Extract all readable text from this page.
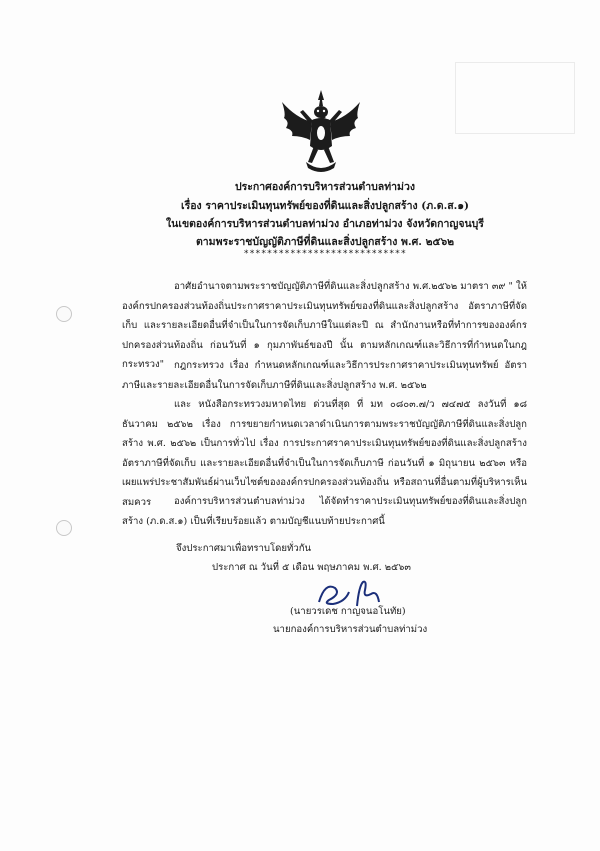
ประกาศองค์การบริหารส่วนตำบลท่าม่วง
เรื่อง ราคาประเมินทุนทรัพย์ของที่ดินและสิ่งปลูกสร้าง (ภ.ด.ส.๑)
ในเขตองค์การบริหารส่วนตำบลท่าม่วง อำเภอท่าม่วง จังหวัดกาญจนบุรี
ตามพระราชบัญญัติภาษีที่ดินและสิ่งปลูกสร้าง พ.ศ. ๒๕๖๒
****************************
อาศัยอำนาจตามพระราชบัญญัติภาษีที่ดินและสิ่งปลูกสร้าง พ.ศ.๒๕๖๒ มาตรา ๓๙ " ให้องค์กรปกครองส่วนท้องถิ่นประกาศราคาประเมินทุนทรัพย์ของที่ดินและสิ่งปลูกสร้าง อัตราภาษีที่จัดเก็บ และรายละเอียดอื่นที่จำเป็นในการจัดเก็บภาษีในแต่ละปี ณ สำนักงานหรือที่ทำการขององค์กรปกครองส่วนท้องถิ่น ก่อนวันที่ ๑ กุมภาพันธ์ของปี นั้น ตามหลักเกณฑ์และวิธีการที่กำหนดในกฎกระทรวง"	กฎกระทรวง เรื่อง กำหนดหลักเกณฑ์และวิธีการประกาศราคาประเมินทุนทรัพย์ อัตราภาษีและรายละเอียดอื่นในการจัดเก็บภาษีที่ดินและสิ่งปลูกสร้าง พ.ศ. ๒๕๖๒
และ หนังสือกระทรวงมหาดไทย ด่วนที่สุด ที่ มท ๐๘๐๓.๗/ว ๗๔๗๕ ลงวันที่ ๑๘ ธันวาคม ๒๕๖๒ เรื่อง การขยายกำหนดเวลาดำเนินการตามพระราชบัญญัติภาษีที่ดินและสิ่งปลูกสร้าง พ.ศ. ๒๕๖๒ เป็นการทั่วไป เรื่อง การประกาศราคาประเมินทุนทรัพย์ของที่ดินและสิ่งปลูกสร้าง อัตราภาษีที่จัดเก็บ และรายละเอียดอื่นที่จำเป็นในการจัดเก็บภาษี ก่อนวันที่ ๑ มิถุนายน ๒๕๖๓ หรือเผยแพร่ประชาสัมพันธ์ผ่านเว็บไซต์ขององค์กรปกครองส่วนท้องถิ่น หรือสถานที่อื่นตามที่ผู้บริหารเห็นสมควร	องค์การบริหารส่วนตำบลท่าม่วง ได้จัดทำราคาประเมินทุนทรัพย์ของที่ดินและสิ่งปลูกสร้าง (ภ.ด.ส.๑) เป็นที่เรียบร้อยแล้ว ตามบัญชีแนบท้ายประกาศนี้
จึงประกาศมาเพื่อทราบโดยทั่วกัน
ประกาศ ณ วันที่ ๕ เดือน พฤษภาคม พ.ศ. ๒๕๖๓
(นายวรเดช กาญจนอโนทัย)
นายกองค์การบริหารส่วนตำบลท่าม่วง
